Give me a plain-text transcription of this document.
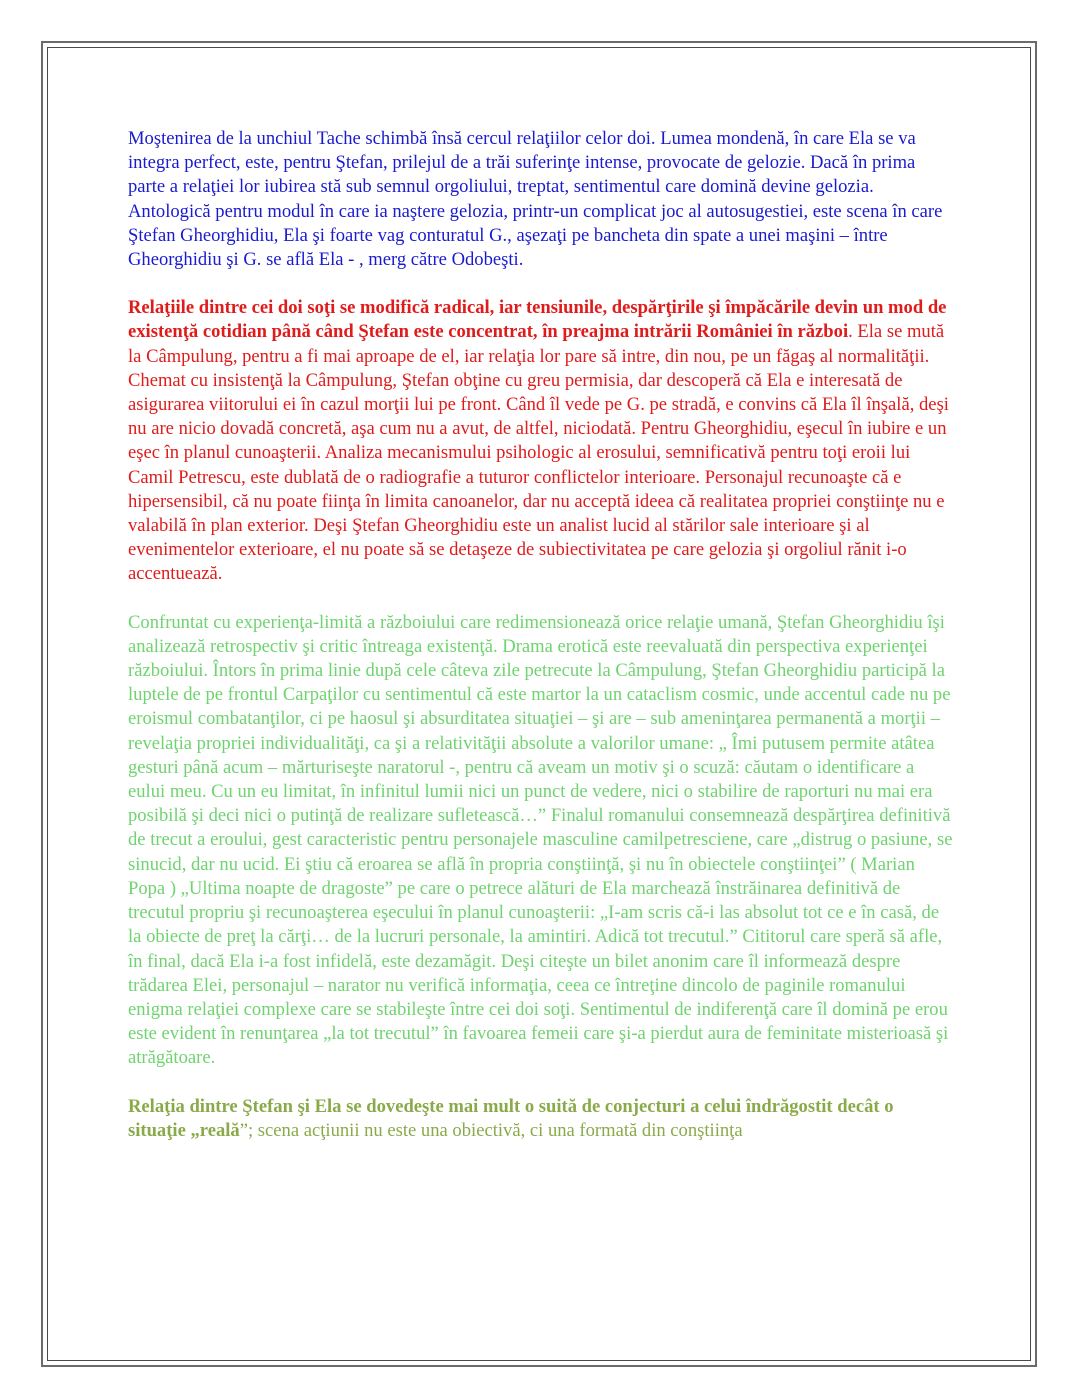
Moştenirea de la unchiul Tache schimbă însă cercul relaţiilor celor doi. Lumea mondenă, în care Ela se va integra perfect, este, pentru Ştefan, prilejul de a trăi suferinţe intense, provocate de gelozie. Dacă în prima parte a relaţiei lor iubirea stă sub semnul orgoliului, treptat, sentimentul care domină devine gelozia. Antologică pentru modul în care ia naştere gelozia, printr-un complicat joc al autosugestiei, este scena în care Ştefan Gheorghidiu, Ela şi foarte vag conturatul G., aşezaţi pe bancheta din spate a unei maşini – între Gheorghidiu şi G. se află Ela - , merg către Odobeşti.

Relaţiile dintre cei doi soţi se modifică radical, iar tensiunile, despărţirile şi împăcările devin un mod de existenţă cotidian până când Ştefan este concentrat, în preajma intrării României în război. Ela se mută la Câmpulung, pentru a fi mai aproape de el, iar relaţia lor pare să intre, din nou, pe un făgaş al normalităţii. Chemat cu insistenţă la Câmpulung, Ştefan obţine cu greu permisia, dar descoperă că Ela e interesată de asigurarea viitorului ei în cazul morţii lui pe front. Când îl vede pe G. pe stradă, e convins că Ela îl înşală, deşi nu are nicio dovadă concretă, aşa cum nu a avut, de altfel, niciodată. Pentru Gheorghidiu, eşecul în iubire e un eşec în planul cunoaşterii. Analiza mecanismului psihologic al erosului, semnificativă pentru toţi eroii lui Camil Petrescu, este dublată de o radiografie a tuturor conflictelor interioare. Personajul recunoaşte că e hipersensibil, că nu poate fiinţa în limita canoanelor, dar nu acceptă ideea că realitatea propriei conştiinţe nu e valabilă în plan exterior. Deşi Ştefan Gheorghidiu este un analist lucid al stărilor sale interioare şi al evenimentelor exterioare, el nu poate să se detaşeze de subiectivitatea pe care gelozia şi orgoliul rănit i-o accentuează.

Confruntat cu experienţa-limită a războiului care redimensionează orice relaţie umană, Ştefan Gheorghidiu îşi analizează retrospectiv şi critic întreaga existenţă. Drama erotică este reevaluată din perspectiva experienţei războiului. Întors în prima linie după cele câteva zile petrecute la Câmpulung, Ştefan Gheorghidiu participă la luptele de pe frontul Carpaţilor cu sentimentul că este martor la un cataclism cosmic, unde accentul cade nu pe eroismul combatanţilor, ci pe haosul şi absurditatea situaţiei – şi are – sub ameninţarea permanentă a morţii – revelaţia propriei individualităţi, ca şi a relativităţii absolute a valorilor umane: „ Îmi putusem permite atâtea gesturi până acum – mărturiseşte naratorul -, pentru că aveam un motiv şi o scuză: căutam o identificare a eului meu. Cu un eu limitat, în infinitul lumii nici un punct de vedere, nici o stabilire de raporturi nu mai era posibilă şi deci nici o putinţă de realizare sufletească…” Finalul romanului consemnează despărţirea definitivă de trecut a eroului, gest caracteristic pentru personajele masculine camilpetresciene, care „distrug o pasiune, se sinucid, dar nu ucid. Ei ştiu că eroarea se află în propria conştiinţă, şi nu în obiectele conştiinţei” ( Marian Popa ) „Ultima noapte de dragoste” pe care o petrece alături de Ela marchează înstrăinarea definitivă de trecutul propriu şi recunoaşterea eşecului în planul cunoaşterii: „I-am scris că-i las absolut tot ce e în casă, de la obiecte de preţ la cărţi… de la lucruri personale, la amintiri. Adică tot trecutul.” Cititorul care speră să afle, în final, dacă Ela i-a fost infidelă, este dezamăgit. Deşi citeşte un bilet anonim care îl informează despre trădarea Elei, personajul – narator nu verifică informaţia, ceea ce întreţine dincolo de paginile romanului enigma relaţiei complexe care se stabileşte între cei doi soţi. Sentimentul de indiferenţă care îl domină pe erou este evident în renunţarea „la tot trecutul” în favoarea femeii care şi-a pierdut aura de feminitate misterioasă şi atrăgătoare.

Relaţia dintre Ştefan şi Ela se dovedeşte mai mult o suită de conjecturi a celui îndrăgostit decât o situaţie „reală”; scena acţiunii nu este una obiectivă, ci una formată din conştiinţa
